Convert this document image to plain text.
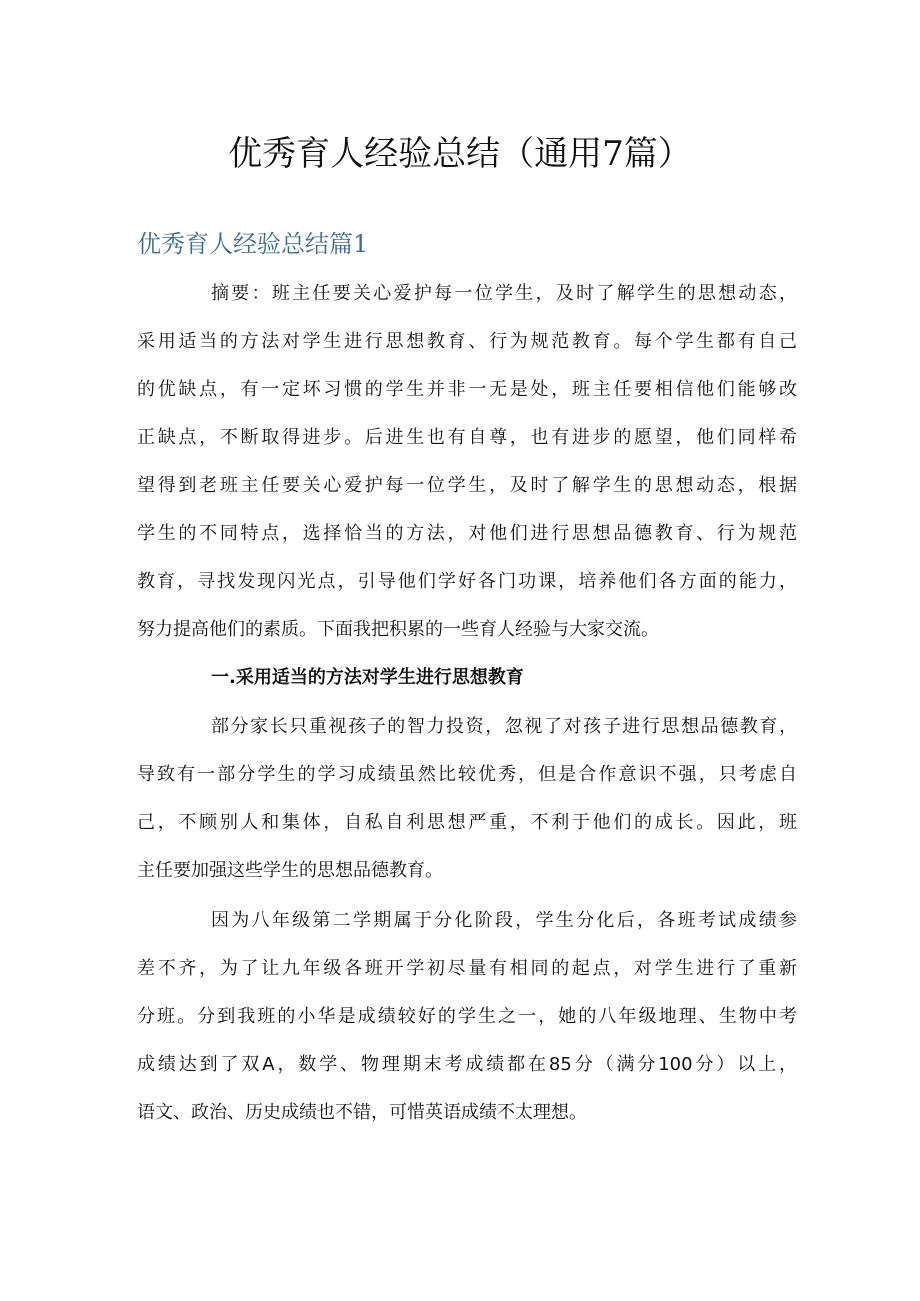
优秀育人经验总结（通用7篇）
优秀育人经验总结篇1
摘要：班主任要关心爱护每一位学生，及时了解学生的思想动态，
采用适当的方法对学生进行思想教育、行为规范教育。每个学生都有自己
的优缺点，有一定坏习惯的学生并非一无是处，班主任要相信他们能够改
正缺点，不断取得进步。后进生也有自尊，也有进步的愿望，他们同样希
望得到老班主任要关心爱护每一位学生，及时了解学生的思想动态，根据
学生的不同特点，选择恰当的方法，对他们进行思想品德教育、行为规范
教育，寻找发现闪光点，引导他们学好各门功课，培养他们各方面的能力，
努力提高他们的素质。下面我把积累的一些育人经验与大家交流。
一.采用适当的方法对学生进行思想教育
部分家长只重视孩子的智力投资，忽视了对孩子进行思想品德教育，
导致有一部分学生的学习成绩虽然比较优秀，但是合作意识不强，只考虑自
己，不顾别人和集体，自私自利思想严重，不利于他们的成长。因此，班
主任要加强这些学生的思想品德教育。
因为八年级第二学期属于分化阶段，学生分化后，各班考试成绩参
差不齐，为了让九年级各班开学初尽量有相同的起点，对学生进行了重新
分班。分到我班的小华是成绩较好的学生之一，她的八年级地理、生物中考
成绩达到了双A，数学、物理期末考成绩都在85分（满分100分）以上，
语文、政治、历史成绩也不错，可惜英语成绩不太理想。
